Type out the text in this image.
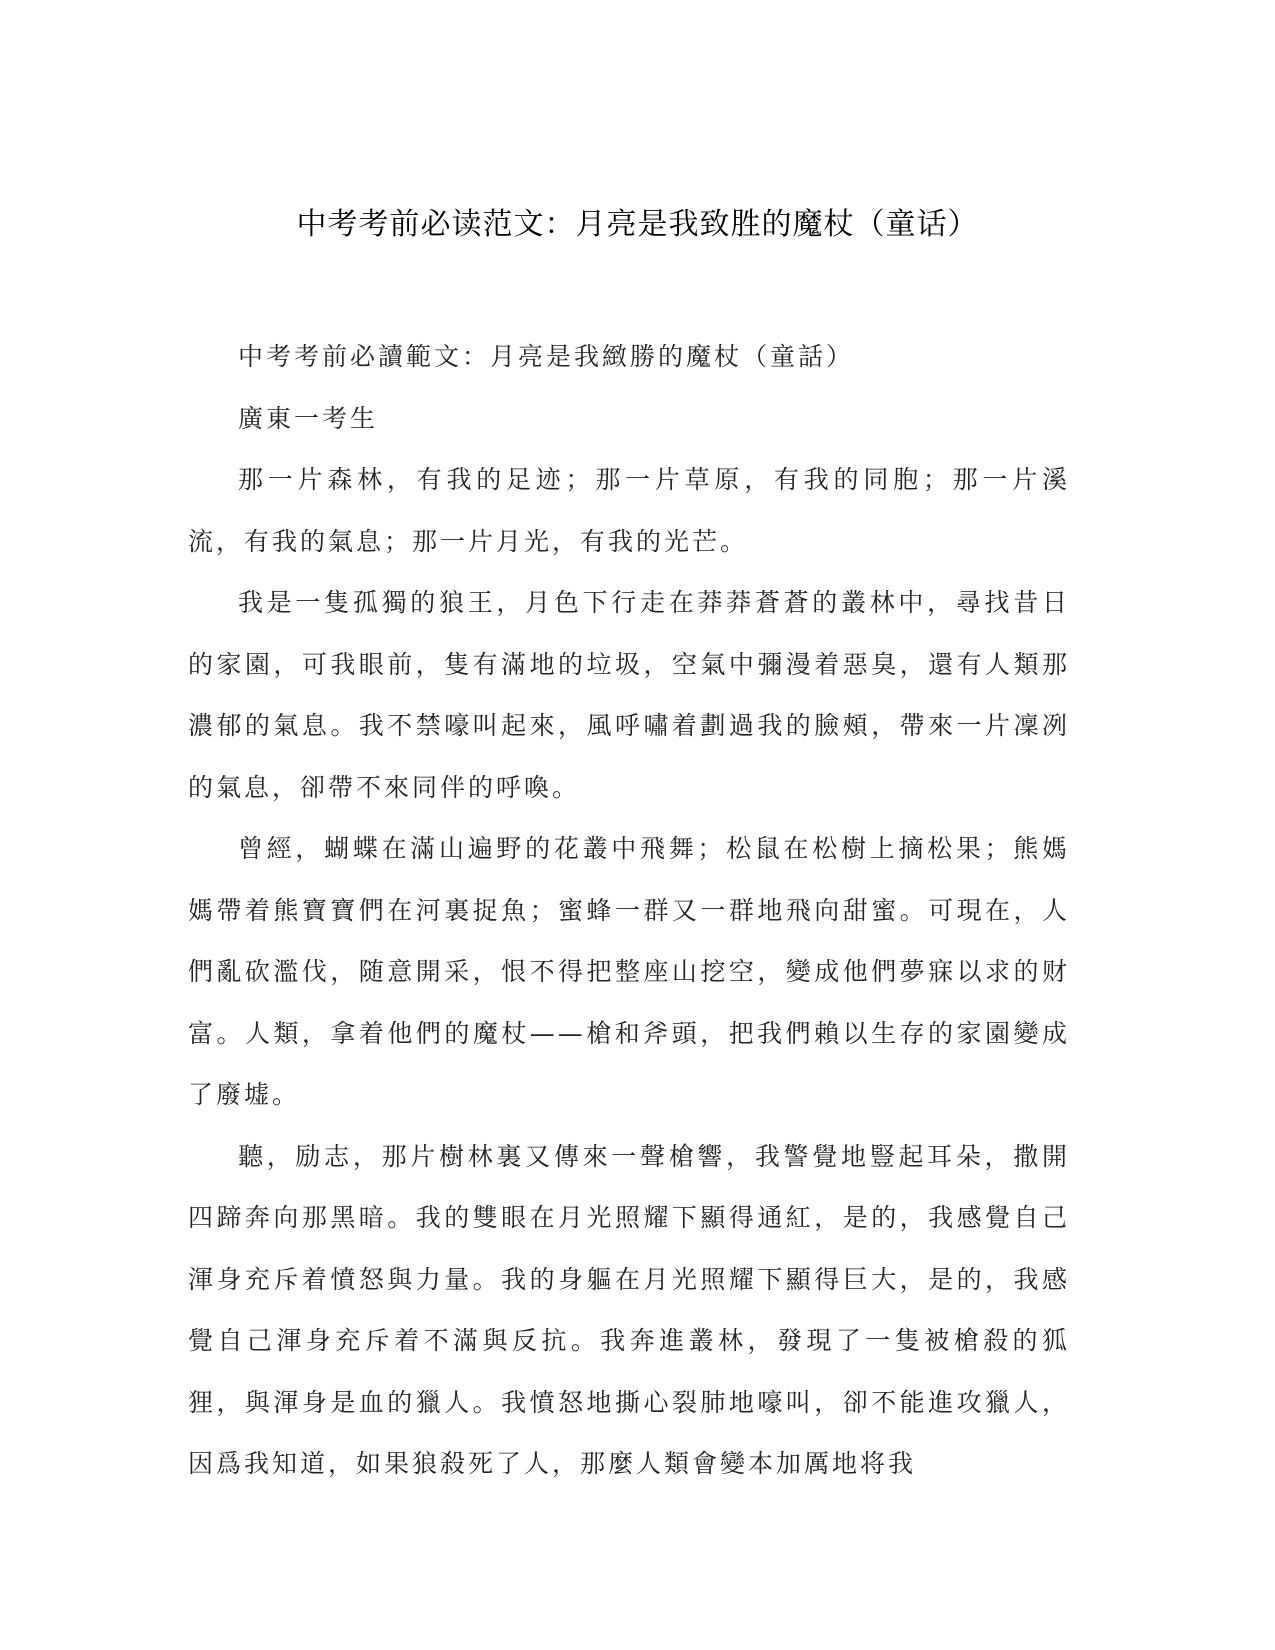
中考考前必读范文：月亮是我致胜的魔杖（童话）

中考考前必讀範文：月亮是我緻勝的魔杖（童話）

廣東一考生

那一片森林，有我的足迹；那一片草原，有我的同胞；那一片溪流，有我的氣息；那一片月光，有我的光芒。

我是一隻孤獨的狼王，月色下行走在莽莽蒼蒼的叢林中，尋找昔日的家園，可我眼前，隻有滿地的垃圾，空氣中彌漫着惡臭，還有人類那濃郁的氣息。我不禁嚎叫起來，風呼嘯着劃過我的臉頰，帶來一片凜冽的氣息，卻帶不來同伴的呼喚。

曾經，蝴蝶在滿山遍野的花叢中飛舞；松鼠在松樹上摘松果；熊媽媽帶着熊寶寶們在河裏捉魚；蜜蜂一群又一群地飛向甜蜜。可現在，人們亂砍濫伐，随意開采，恨不得把整座山挖空，變成他們夢寐以求的财富。人類，拿着他們的魔杖——槍和斧頭，把我們賴以生存的家園變成了廢墟。

聽，励志，那片樹林裏又傳來一聲槍響，我警覺地豎起耳朵，撒開四蹄奔向那黑暗。我的雙眼在月光照耀下顯得通紅，是的，我感覺自己渾身充斥着憤怒與力量。我的身軀在月光照耀下顯得巨大，是的，我感覺自己渾身充斥着不滿與反抗。我奔進叢林，發現了一隻被槍殺的狐狸，與渾身是血的獵人。我憤怒地撕心裂肺地嚎叫，卻不能進攻獵人，因爲我知道，如果狼殺死了人，那麼人類會變本加厲地将我
